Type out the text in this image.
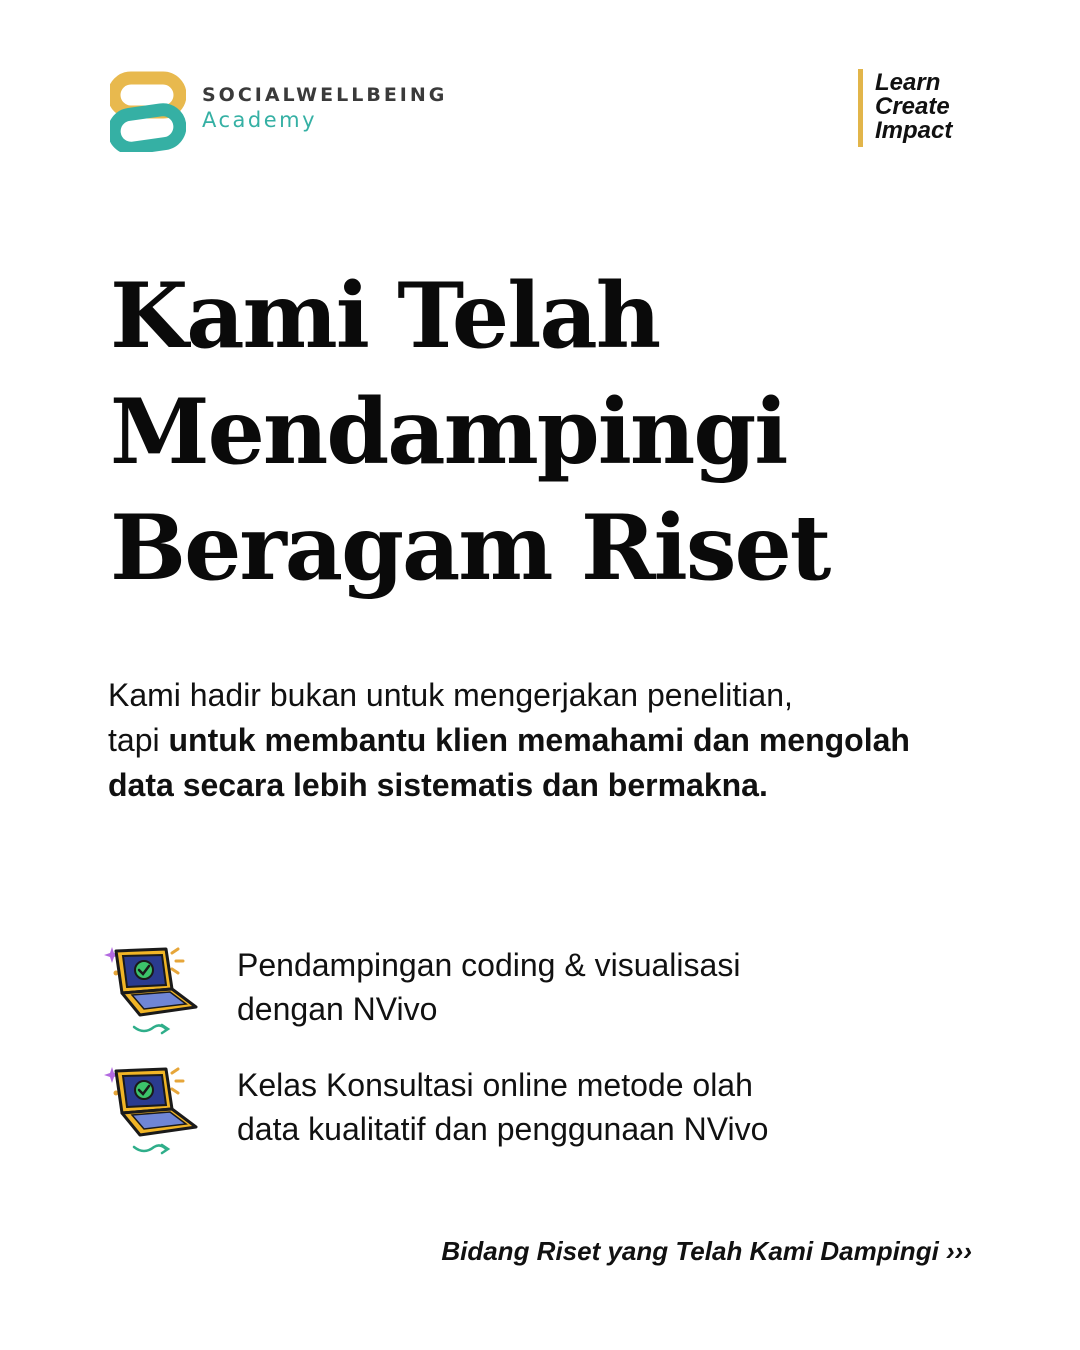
SOCIALWELLBEING
Academy
Learn
Create
Impact
Kami Telah
Mendampingi
Beragam Riset
Kami hadir bukan untuk mengerjakan penelitian,
tapi untuk membantu klien memahami dan mengolah data secara lebih sistematis dan bermakna.
Pendampingan coding & visualisasi
dengan NVivo
Kelas Konsultasi online metode olah
data kualitatif dan penggunaan NVivo
Bidang Riset yang Telah Kami Dampingi ›››
